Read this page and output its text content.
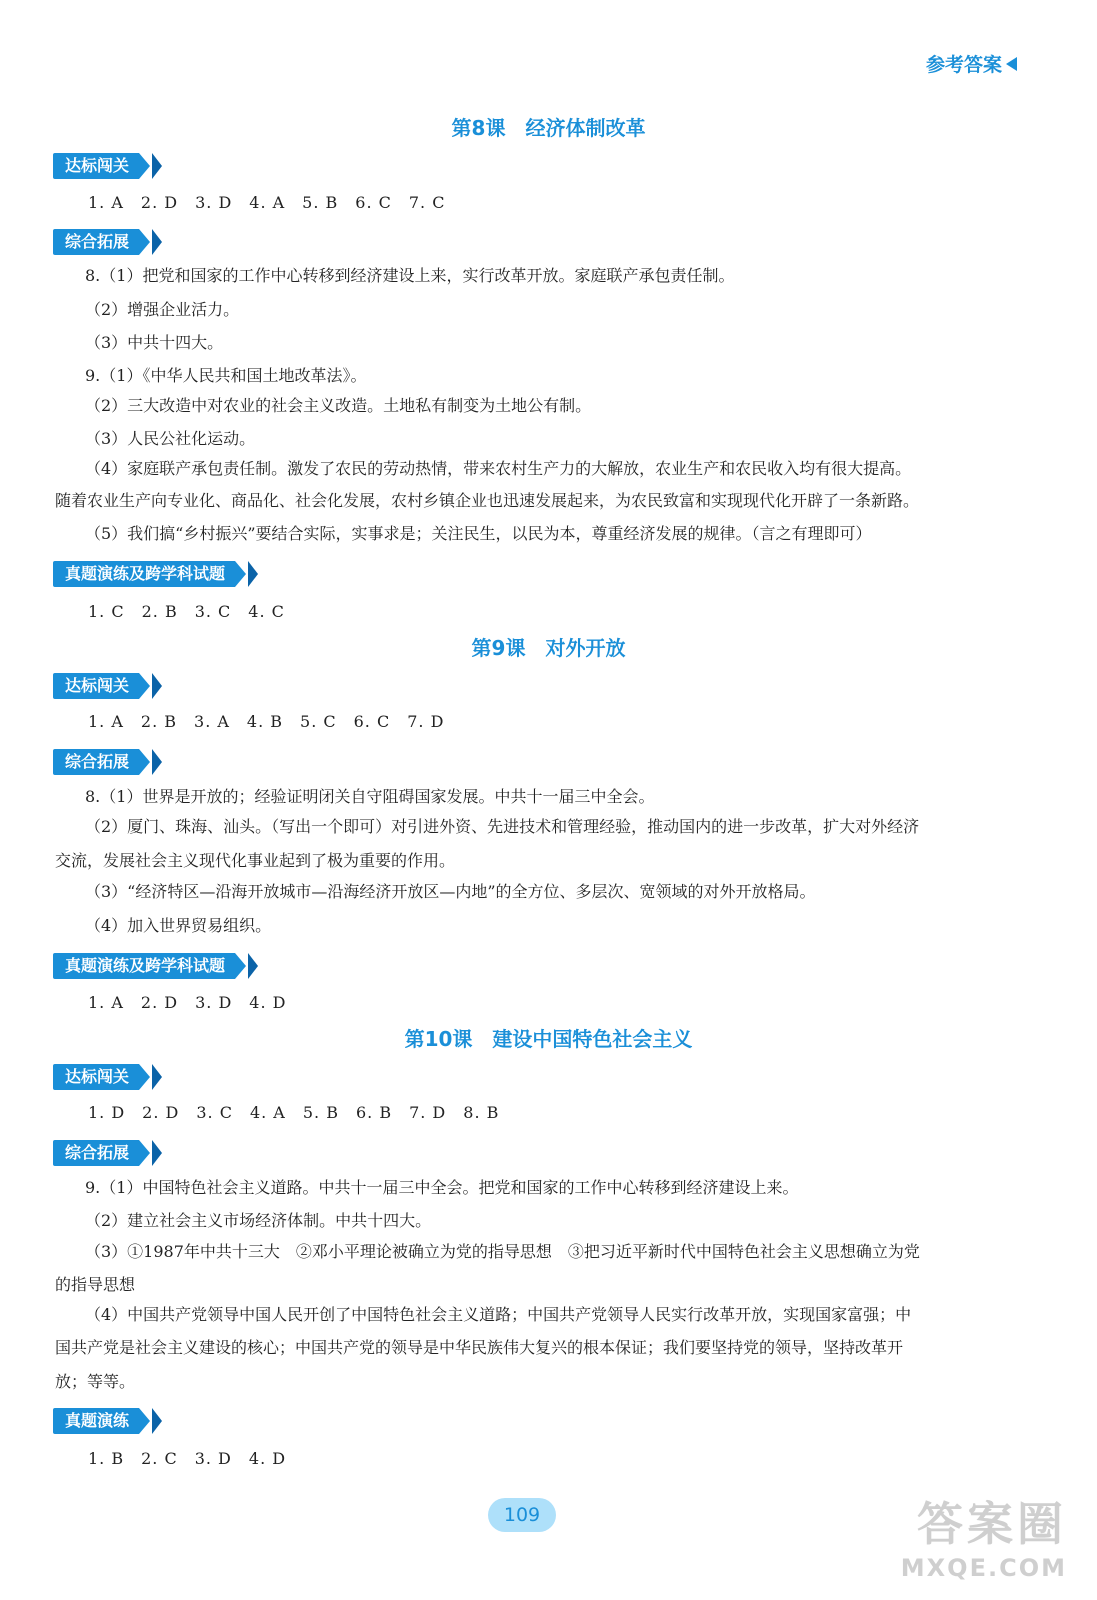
参考答案
第8课　经济体制改革
达标闯关
1. A　2. D　3. D　4. A　5. B　6. C　7. C
综合拓展
8.（1）把党和国家的工作中心转移到经济建设上来，实行改革开放。家庭联产承包责任制。
（2）增强企业活力。
（3）中共十四大。
9.（1）《中华人民共和国土地改革法》。
（2）三大改造中对农业的社会主义改造。土地私有制变为土地公有制。
（3）人民公社化运动。
（4）家庭联产承包责任制。激发了农民的劳动热情，带来农村生产力的大解放，农业生产和农民收入均有很大提高。
随着农业生产向专业化、商品化、社会化发展，农村乡镇企业也迅速发展起来，为农民致富和实现现代化开辟了一条新路。
（5）我们搞“乡村振兴”要结合实际，实事求是；关注民生，以民为本，尊重经济发展的规律。（言之有理即可）
真题演练及跨学科试题
1. C　2. B　3. C　4. C
第9课　对外开放
达标闯关
1. A　2. B　3. A　4. B　5. C　6. C　7. D
综合拓展
8.（1）世界是开放的；经验证明闭关自守阻碍国家发展。中共十一届三中全会。
（2）厦门、珠海、汕头。（写出一个即可）对引进外资、先进技术和管理经验，推动国内的进一步改革，扩大对外经济
交流，发展社会主义现代化事业起到了极为重要的作用。
（3）“经济特区—沿海开放城市—沿海经济开放区—内地”的全方位、多层次、宽领域的对外开放格局。
（4）加入世界贸易组织。
真题演练及跨学科试题
1. A　2. D　3. D　4. D
第10课　建设中国特色社会主义
达标闯关
1. D　2. D　3. C　4. A　5. B　6. B　7. D　8. B
综合拓展
9.（1）中国特色社会主义道路。中共十一届三中全会。把党和国家的工作中心转移到经济建设上来。
（2）建立社会主义市场经济体制。中共十四大。
（3）①1987年中共十三大　②邓小平理论被确立为党的指导思想　③把习近平新时代中国特色社会主义思想确立为党
的指导思想
（4）中国共产党领导中国人民开创了中国特色社会主义道路；中国共产党领导人民实行改革开放，实现国家富强；中
国共产党是社会主义建设的核心；中国共产党的领导是中华民族伟大复兴的根本保证；我们要坚持党的领导，坚持改革开
放；等等。
真题演练
1. B　2. C　3. D　4. D
109	答案圈
MXQE.COM
